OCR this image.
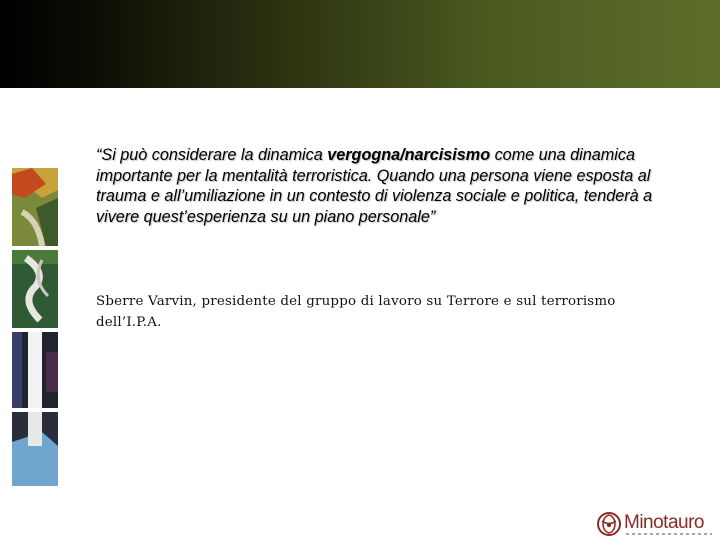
“Si può considerare la dinamica vergogna/narcisismo come una dinamica importante per la mentalità terroristica. Quando una persona viene esposta al trauma e all’umiliazione in un contesto di violenza sociale e politica, tenderà a vivere quest’esperienza su un piano personale”

Sberre Varvin, presidente del gruppo di lavoro su Terrore e sul terrorismo dell’I.P.A.

Minotauro
